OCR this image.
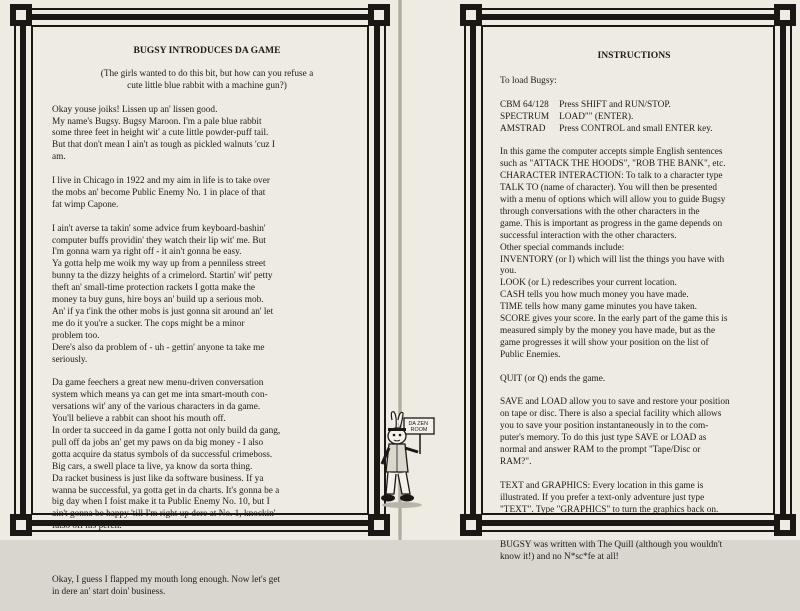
BUGSY INTRODUCES DA GAME

(The girls wanted to do this bit, but how can you refuse a
cute little blue rabbit with a machine gun?)

Okay youse joiks! Lissen up an' lissen good.
My name's Bugsy. Bugsy Maroon. I'm a pale blue rabbit
some three feet in height wit' a cute little powder-puff tail.
But that don't mean I ain't as tough as pickled walnuts 'cuz I
am.

I live in Chicago in 1922 and my aim in life is to take over
the mobs an' become Public Enemy No. 1 in place of that
fat wimp Capone.

I ain't averse ta takin' some advice frum keyboard-bashin'
computer buffs providin' they watch their lip wit' me. But
I'm gonna warn ya right off - it ain't gonna be easy.
Ya gotta help me woik my way up from a penniless street
bunny ta the dizzy heights of a crimelord. Startin' wit' petty
theft an' small-time protection rackets I gotta make the
money ta buy guns, hire boys an' build up a serious mob.
An' if ya t'ink the other mobs is just gonna sit around an' let
me do it you're a sucker. The cops might be a minor
problem too.
Dere's also da problem of - uh - gettin' anyone ta take me
seriously.

Da game feechers a great new menu-driven conversation
system which means ya can get me inta smart-mouth con-
versations wit' any of the various characters in da game.
You'll believe a rabbit can shoot his mouth off.
In order ta succeed in da game I gotta not only build da gang,
pull off da jobs an' get my paws on da big money - I also
gotta acquire da status symbols of da successful crimeboss.
Big cars, a swell place ta live, ya know da sorta thing.
Da racket business is just like da software business. If ya
wanna be successful, ya gotta get in da charts. It's gonna be a
big day when I foist make it ta Public Enemy No. 10, but I
ain't gonna be happy 'till I'm right up dere at No. 1, knockin'
fatso off his perch.

Okay, I guess I flapped my mouth long enough. Now let's get
in dere an' start doin' business.

DA ZEN ROOM
INSTRUCTIONS

To load Bugsy:

CBM 64/128	Press SHIFT and RUN/STOP.
SPECTRUM	LOAD"" (ENTER).
AMSTRAD	Press CONTROL and small ENTER key.

In this game the computer accepts simple English sentences
such as "ATTACK THE HOODS", "ROB THE BANK", etc.
CHARACTER INTERACTION: To talk to a character type
TALK TO (name of character). You will then be presented
with a menu of options which will allow you to guide Bugsy
through conversations with the other characters in the
game. This is important as progress in the game depends on
successful interaction with the other characters.
Other special commands include:
INVENTORY (or I) which will list the things you have with
you.
LOOK (or L) redescribes your current location.
CASH tells you how much money you have made.
TIME tells how many game minutes you have taken.
SCORE gives your score. In the early part of the game this is
measured simply by the money you have made, but as the
game progresses it will show your position on the list of
Public Enemies.

QUIT (or Q) ends the game.

SAVE and LOAD allow you to save and restore your position
on tape or disc. There is also a special facility which allows
you to save your position instantaneously in to the com-
puter's memory. To do this just type SAVE or LOAD as
normal and answer RAM to the prompt "Tape/Disc or
RAM?".

TEXT and GRAPHICS: Every location in this game is
illustrated. If you prefer a text-only adventure just type
"TEXT". Type "GRAPHICS" to turn the graphics back on.

BUGSY was written with The Quill (although you wouldn't
know it!) and no N*sc*fe at all!
